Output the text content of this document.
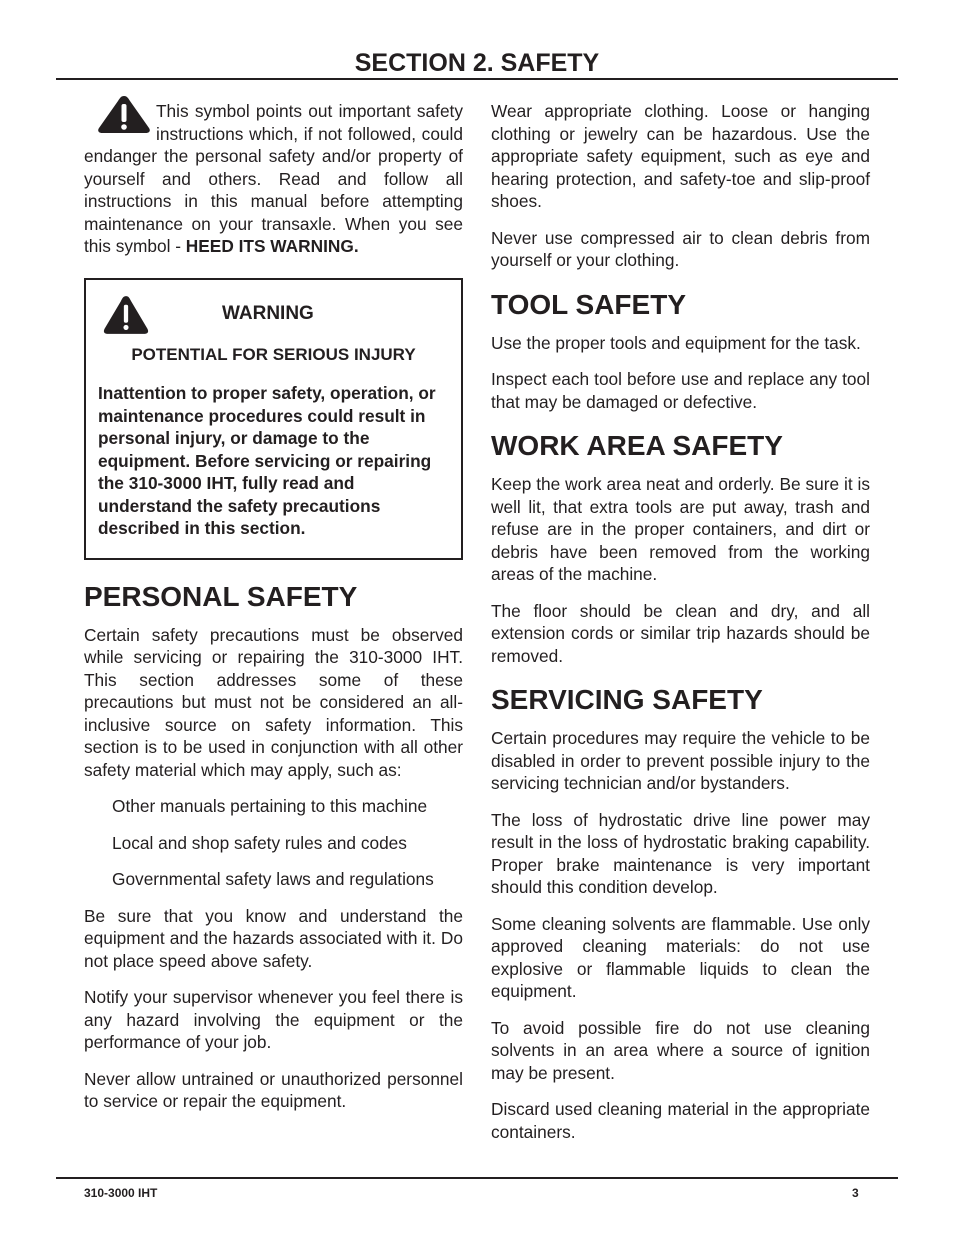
SECTION 2. SAFETY

This symbol points out important safety instructions which, if not followed, could endanger the personal safety and/or property of yourself and others. Read and follow all instructions in this manual before attempting maintenance on your transaxle. When you see this symbol - HEED ITS WARNING.

WARNING
POTENTIAL FOR SERIOUS INJURY
Inattention to proper safety, operation, or maintenance procedures could result in personal injury, or damage to the equipment. Before servicing or repairing the 310-3000 IHT, fully read and understand the safety precautions described in this section.
PERSONAL SAFETY

Certain safety precautions must be observed while servicing or repairing the 310-3000 IHT. This section addresses some of these precautions but must not be considered an all-inclusive source on safety information. This section is to be used in conjunction with all other safety material which may apply, such as:

Other manuals pertaining to this machine
Local and shop safety rules and codes
Governmental safety laws and regulations

Be sure that you know and understand the equipment and the hazards associated with it. Do not place speed above safety.

Notify your supervisor whenever you feel there is any hazard involving the equipment or the performance of your job.

Never allow untrained or unauthorized personnel to service or repair the equipment.

Wear appropriate clothing. Loose or hanging clothing or jewelry can be hazardous. Use the appropriate safety equipment, such as eye and hearing protection, and safety-toe and slip-proof shoes.

Never use compressed air to clean debris from yourself or your clothing.

TOOL SAFETY

Use the proper tools and equipment for the task.

Inspect each tool before use and replace any tool that may be damaged or defective.

WORK AREA SAFETY

Keep the work area neat and orderly. Be sure it is well lit, that extra tools are put away, trash and refuse are in the proper containers, and dirt or debris have been removed from the working areas of the machine.

The floor should be clean and dry, and all extension cords or similar trip hazards should be removed.

SERVICING SAFETY

Certain procedures may require the vehicle to be disabled in order to prevent possible injury to the servicing technician and/or bystanders.

The loss of hydrostatic drive line power may result in the loss of hydrostatic braking capability. Proper brake maintenance is very important should this condition develop.

Some cleaning solvents are flammable. Use only approved cleaning materials: do not use explosive or flammable liquids to clean the equipment.

To avoid possible fire do not use cleaning solvents in an area where a source of ignition may be present.

Discard used cleaning material in the appropriate containers.

310-3000 IHT	3
